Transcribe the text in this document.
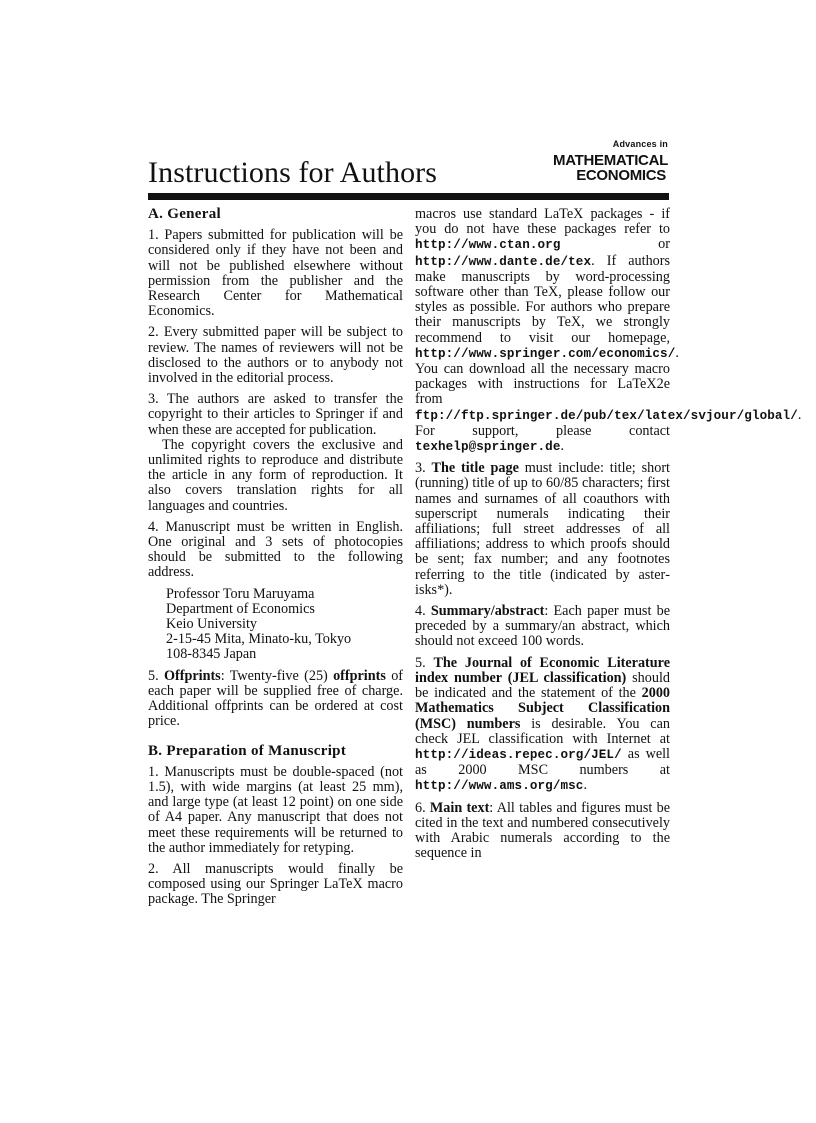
Advances in
MATHEMATICAL
ECONOMICS
Instructions for Authors

A. General

1. Papers submitted for publication will be considered only if they have not been and will not be published elsewhere without permission from the publisher and the Research Center for Mathematical Economics.

2. Every submitted paper will be subject to review. The names of reviewers will not be disclosed to the authors or to anybody not involved in the editorial process.

3. The authors are asked to transfer the copyright to their articles to Springer if and when these are accepted for publication.

The copyright covers the exclusive and unlimited rights to reproduce and distribute the article in any form of reproduction. It also covers translation rights for all languages and countries.

4. Manuscript must be written in English. One original and 3 sets of photocopies should be submitted to the following address.

Professor Toru Maruyama
Department of Economics
Keio University
2-15-45 Mita, Minato-ku, Tokyo
108-8345 Japan

5. Offprints: Twenty-five (25) offprints of each paper will be supplied free of charge. Additional offprints can be ordered at cost price.

B. Preparation of Manuscript

1. Manuscripts must be double-spaced (not 1.5), with wide margins (at least 25 mm), and large type (at least 12 point) on one side of A4 paper. Any manuscript that does not meet these requirements will be returned to the author immediately for retyping.

2. All manuscripts would finally be composed using our Springer LaTeX macro package. The Springer

macros use standard LaTeX packages - if you do not have these packages refer to http://www.ctan.org	or http://www.dante.de/tex. If authors make manuscripts by word-processing software other than TeX, please follow our styles as possible. For authors who prepare their manuscripts by TeX, we strongly recommend to visit our homepage, http://www.springer.com/economics/. You can download all the necessary macro packages with instructions for LaTeX2e from ftp://ftp.springer.de/pub/tex/latex/svjour/global/. For support, please contact texhelp@springer.de.

3. The title page must include: title; short (running) title of up to 60/85 characters; first names and surnames of all coauthors with superscript numerals indicating their affiliations; full street addresses of all affiliations; address to which proofs should be sent; fax number; and any footnotes referring to the title (indicated by asterisks*).

4. Summary/abstract: Each paper must be preceded by a summary/an abstract, which should not exceed 100 words.

5. The Journal of Economic Literature index number (JEL classification) should be indicated and the statement of the 2000 Mathematics Subject Classification (MSC) numbers is desirable. You can check JEL classification with Internet at http://ideas.repec.org/JEL/ as well as 2000 MSC numbers at http://www.ams.org/msc.

6. Main text: All tables and figures must be cited in the text and numbered consecutively with Arabic numerals according to the sequence in
